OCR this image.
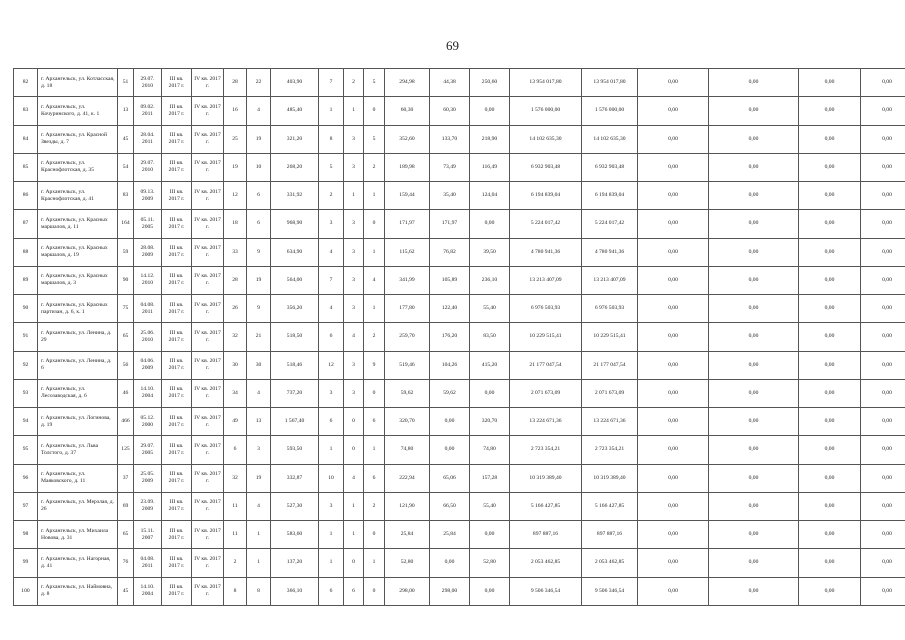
69
82	г. Архангельск, ул. Котласская, д. 18	51	29.07. 2010	III кв. 2017 г.	IV кв. 2017 г.	28	22	403,90	7	2	5	294,98	44,38	250,60	13 954 017,80	13 954 017,80	0,00	0,00	0,00	0,00
83	г. Архангельск, ул. Кочуринского, д. 41, к. 1	13	09.02. 2011	III кв. 2017 г.	IV кв. 2017 г.	16	4	485,40	1	1	0	60,30	60,30	0,00	1 576 000,00	1 576 000,00	0,00	0,00	0,00	0,00
84	г. Архангельск, ул. Красной Звезды, д. 7	45	28.04. 2011	III кв. 2017 г.	IV кв. 2017 г.	25	19	321,20	8	3	5	352,60	133,70	218,90	14 102 635,30	14 102 635,30	0,00	0,00	0,00	0,00
85	г. Архангельск, ул. Краснофлотская, д. 35	54	29.07. 2010	III кв. 2017 г.	IV кв. 2017 г.	19	10	268,20	5	3	2	189,98	73,49	116,49	6 932 903,48	6 932 903,48	0,00	0,00	0,00	0,00
86	г. Архангельск, ул. Краснофлотская, д. 41	83	09.13. 2009	III кв. 2017 г.	IV кв. 2017 г.	12	6	331,92	2	1	1	159,44	35,40	124,04	6 194 839,04	6 194 839,04	0,00	0,00	0,00	0,00
87	г. Архангельск, ул. Красных маршалов, д. 11	164	05.11. 2005	III кв. 2017 г.	IV кв. 2017 г.	18	6	968,90	3	3	0	171,97	171,97	0,00	5 224 017,42	5 224 017,42	0,00	0,00	0,00	0,00
88	г. Архангельск, ул. Красных маршалов, д. 19	59	28.08. 2009	III кв. 2017 г.	IV кв. 2017 г.	33	9	634,90	4	3	1	115,62	76,82	39,50	4 780 941,36	4 780 941,36	0,00	0,00	0,00	0,00
89	г. Архангельск, ул. Красных маршалов, д. 3	90	14.12. 2010	III кв. 2017 г.	IV кв. 2017 г.	28	19	564,00	7	3	4	341,99	105,89	236,10	13 213 407,09	13 213 407,09	0,00	0,00	0,00	0,00
90	г. Архангельск, ул. Красных партизан, д. 6, к. 1	75	04.08. 2011	III кв. 2017 г.	IV кв. 2017 г.	26	9	356,20	4	3	1	177,80	122,40	55,40	6 976 503,93	6 976 503,93	0,00	0,00	0,00	0,00
91	г. Архангельск, ул. Ленина, д. 29	65	25.06. 2010	III кв. 2017 г.	IV кв. 2017 г.	32	21	518,50	6	4	2	259,70	176,20	83,50	10 229 515,41	10 229 515,41	0,00	0,00	0,00	0,00
92	г. Архангельск, ул. Ленина, д. 6	56	04.06. 2009	III кв. 2017 г.	IV кв. 2017 г.	30	30	518,46	12	3	9	519,46	104,26	415,20	21 177 047,54	21 177 047,54	0,00	0,00	0,00	0,00
93	г. Архангельск, ул. Лесозаводская, д. 6	46	14.10. 2004	III кв. 2017 г.	IV кв. 2017 г.	34	4	737,20	3	3	0	59,62	59,62	0,00	2 071 673,09	2 071 673,09	0,00	0,00	0,00	0,00
94	г. Архангельск, ул. Логинова, д. 19	466	05.12. 2000	III кв. 2017 г.	IV кв. 2017 г.	49	13	1 567,40	6	0	6	320,70	0,00	320,70	13 224 671,36	13 224 671,36	0,00	0,00	0,00	0,00
95	г. Архангельск, ул. Льва Толстого, д. 37	125	29.07. 2005	III кв. 2017 г.	IV кв. 2017 г.	6	3	593,50	1	0	1	74,80	0,00	74,80	2 723 354,21	2 723 354,21	0,00	0,00	0,00	0,00
96	г. Архангельск, ул. Маяковского, д. 11	37	25.05. 2009	III кв. 2017 г.	IV кв. 2017 г.	32	19	332,87	10	4	6	222,94	65,06	157,28	10 319 389,40	10 319 389,40	0,00	0,00	0,00	0,00
97	г. Архангельск, ул. Мерзлая, д. 26	69	23.09. 2009	III кв. 2017 г.	IV кв. 2017 г.	11	4	527,30	3	1	2	121,90	66,50	55,40	5 166 427,85	5 166 427,85	0,00	0,00	0,00	0,00
98	г. Архангельск, ул. Михаила Новова, д. 31	65	15.11. 2007	III кв. 2017 г.	IV кв. 2017 г.	11	1	583,60	1	1	0	25,84	25,84	0,00	897 887,16	897 887,16	0,00	0,00	0,00	0,00
99	г. Архангельск, ул. Нагорная, д. 41	76	04.08. 2011	III кв. 2017 г.	IV кв. 2017 г.	2	1	137,20	1	0	1	52,80	0,00	52,80	2 053 462,85	2 053 462,85	0,00	0,00	0,00	0,00
100	г. Архангельск, ул. Наймовна, д. 8	45	14.10. 2004	III кв. 2017 г.	IV кв. 2017 г.	8	8	366,10	6	6	0	298,00	298,00	0,00	9 506 346,54	9 506 346,54	0,00	0,00	0,00	0,00
